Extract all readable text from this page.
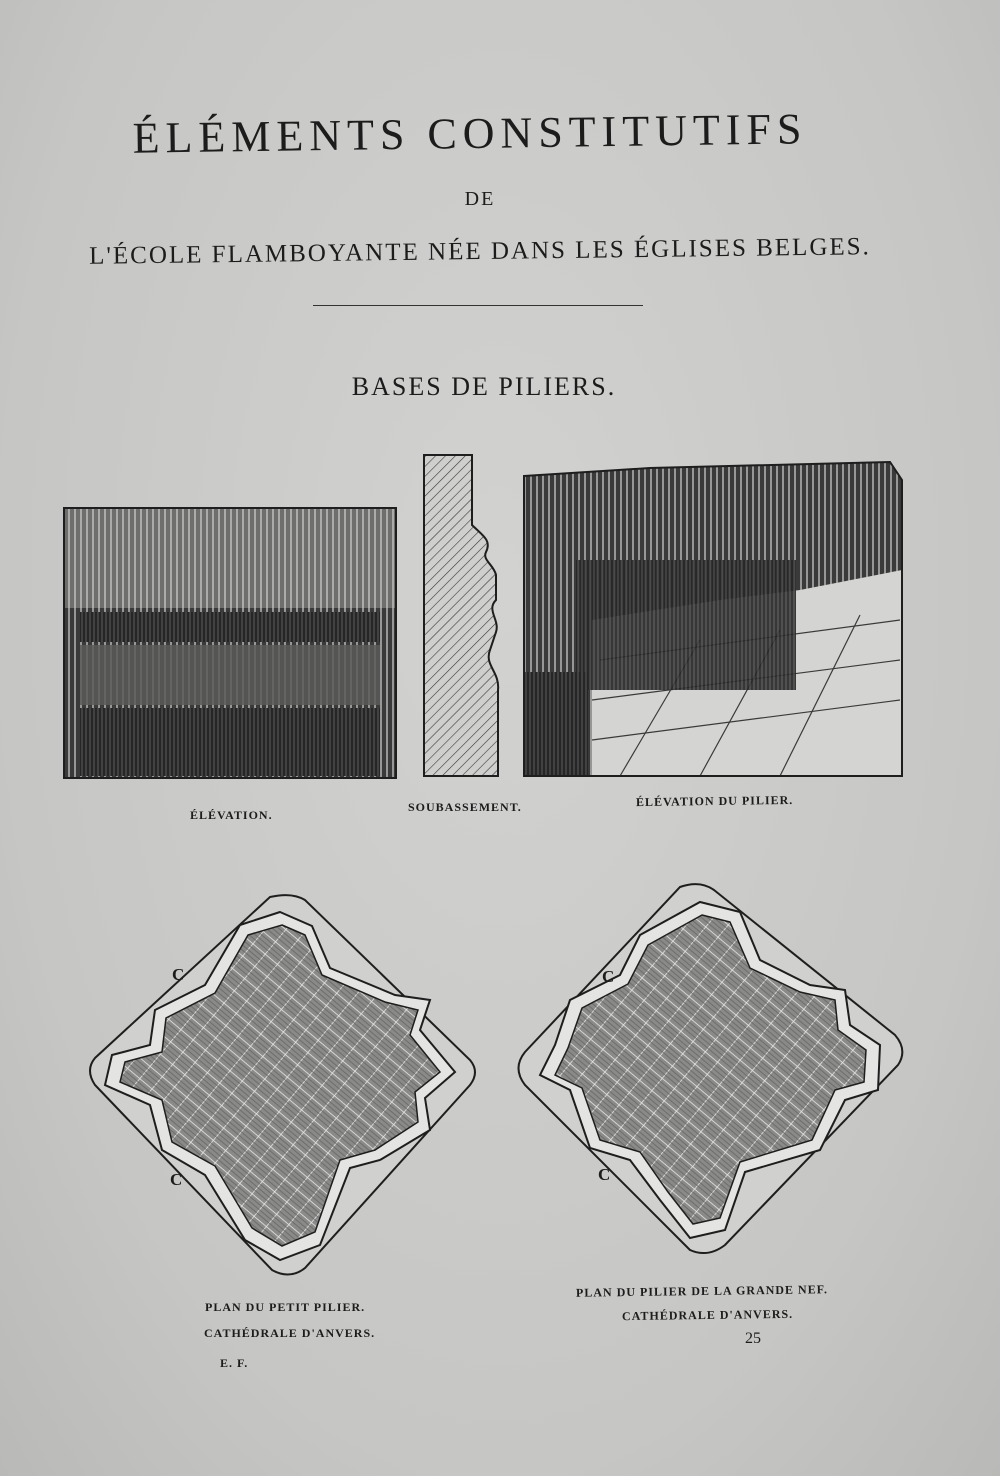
ÉLÉMENTS CONSTITUTIFS
DE
L'ÉCOLE FLAMBOYANTE NÉE DANS LES ÉGLISES BELGES.
BASES DE PILIERS.
C
C
C
C
ÉLÉVATION.
SOUBASSEMENT.	ÉLÉVATION DU PILIER.
PLAN DU PETIT PILIER.
CATHÉDRALE D'ANVERS.
E. F.
PLAN DU PILIER DE LA GRANDE NEF.
CATHÉDRALE D'ANVERS.
25
